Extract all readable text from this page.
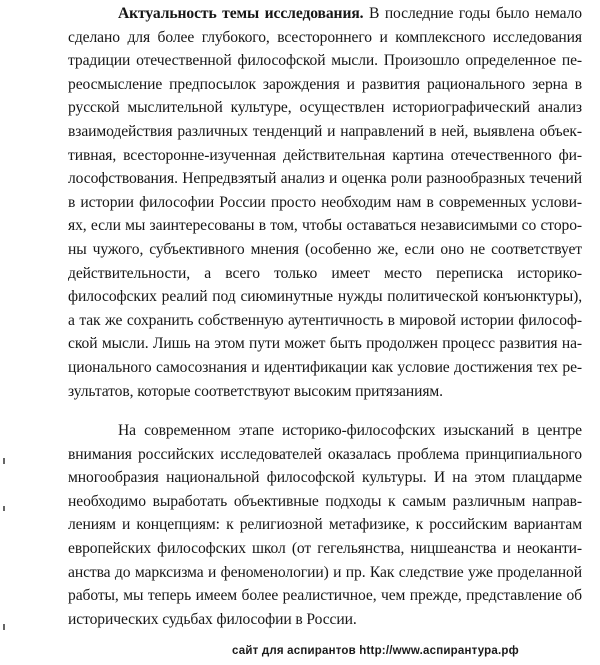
Актуальность темы исследования. В последние годы было немало
сделано для более глубокого, всестороннего и комплексного исследования
традиции отечественной философской мысли. Произошло определенное пе-
реосмысление предпосылок зарождения и развития рационального зерна в
русской мыслительной культуре, осуществлен историографический анализ
взаимодействия различных тенденций и направлений в ней, выявлена объек-
тивная, всесторонне-изученная действительная картина отечественного фи-
лософствования. Непредвзятый анализ и оценка роли разнообразных течений
в истории философии России просто необходим нам в современных услови-
ях, если мы заинтересованы в том, чтобы оставаться независимыми со сторо-
ны чужого, субъективного мнения (особенно же, если оно не соответствует
действительности, а всего только имеет место переписка историко-
философских реалий под сиюминутные нужды политической конъюнктуры),
а так же сохранить собственную аутентичность в мировой истории философ-
ской мысли. Лишь на этом пути может быть продолжен процесс развития на-
ционального самосознания и идентификации как условие достижения тех ре-
зультатов, которые соответствуют высоким притязаниям.
На современном этапе историко-философских изысканий в центре
внимания российских исследователей оказалась проблема принципиального
многообразия национальной философской культуры. И на этом плацдарме
необходимо выработать объективные подходы к самым различным направ-
лениям и концепциям: к религиозной метафизике, к российским вариантам
европейских философских школ (от гегельянства, ницшеанства и неоканти-
анства до марксизма и феноменологии) и пр. Как следствие уже проделанной
работы, мы теперь имеем более реалистичное, чем прежде, представление об
исторических судьбах философии в России.
сайт для аспирантов http://www.аспирантура.рф
